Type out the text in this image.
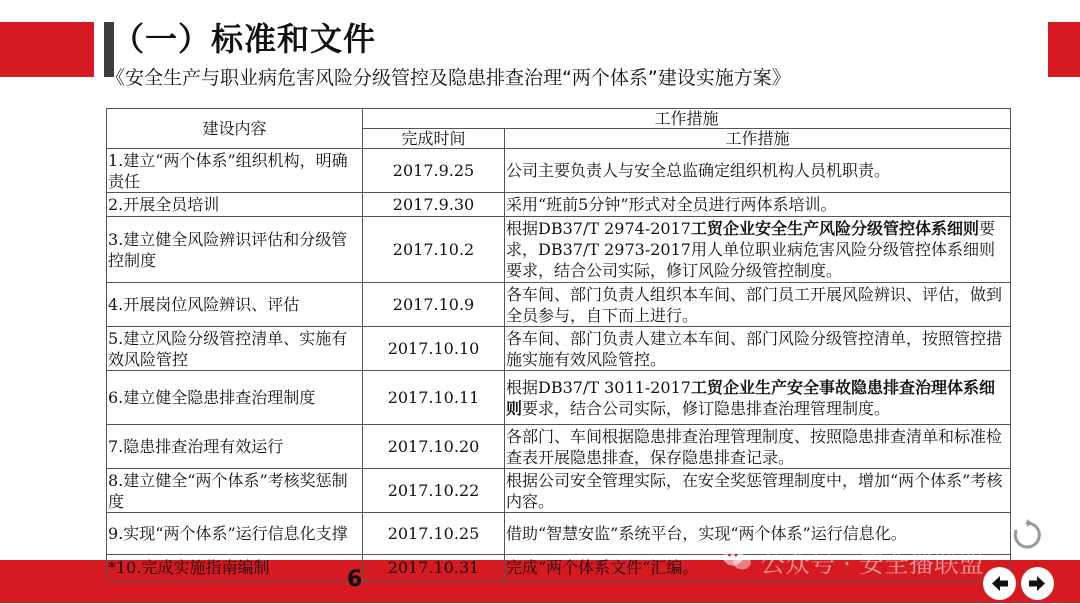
（一）标准和文件
《安全生产与职业病危害风险分级管控及隐患排查治理“两个体系”建设实施方案》
建设内容	工作措施	
	完成时间	工作措施
1.建立“两个体系”组织机构，明确责任	2017.9.25	公司主要负责人与安全总监确定组织机构人员机职责。
2.开展全员培训	2017.9.30	采用“班前5分钟”形式对全员进行两体系培训。
3.建立健全风险辨识评估和分级管控制度	2017.10.2	根据DB37/T 2974-2017工贸企业安全生产风险分级管控体系细则要求，DB37/T 2973-2017用人单位职业病危害风险分级管控体系细则要求，结合公司实际，修订风险分级管控制度。
4.开展岗位风险辨识、评估	2017.10.9	各车间、部门负责人组织本车间、部门员工开展风险辨识、评估，做到全员参与，自下而上进行。
5.建立风险分级管控清单、实施有效风险管控	2017.10.10	各车间、部门负责人建立本车间、部门风险分级管控清单，按照管控措施实施有效风险管控。
6.建立健全隐患排查治理制度	2017.10.11	根据DB37/T 3011-2017工贸企业生产安全事故隐患排查治理体系细则要求，结合公司实际，修订隐患排查治理管理制度。
7.隐患排查治理有效运行	2017.10.20	各部门、车间根据隐患排查治理管理制度、按照隐患排查清单和标准检查表开展隐患排查，保存隐患排查记录。
8.建立健全“两个体系”考核奖惩制度	2017.10.22	根据公司安全管理实际，在安全奖惩管理制度中，增加“两个体系”考核内容。
9.实现“两个体系”运行信息化支撑	2017.10.25	借助“智慧安监”系统平台，实现“两个体系”运行信息化。
*10.完成实施指南编制	2017.10.31	完成“两个体系文件“汇编。
6
公众号 · 安全播联盟
